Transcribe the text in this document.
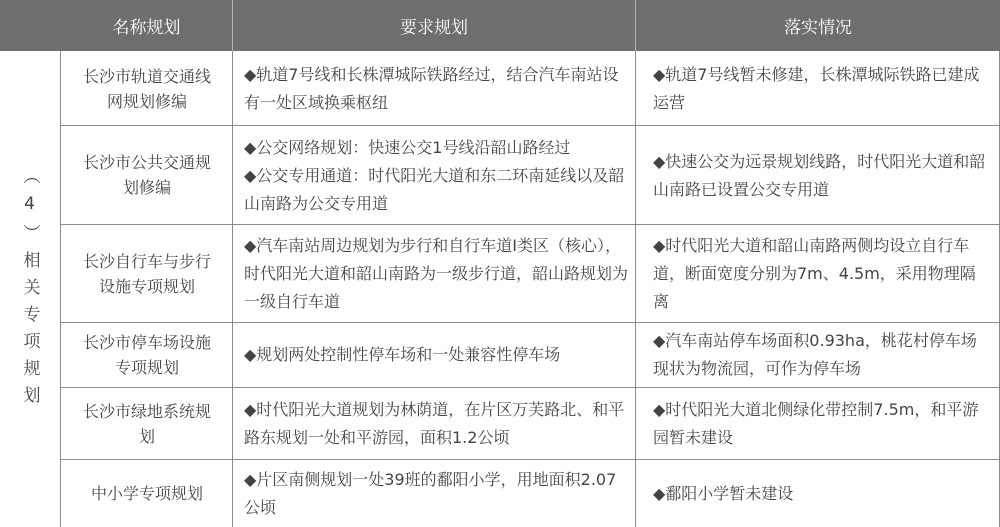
名称规划	要求规划	落实情况
（4）相关专项规划
长沙市轨道交通线网规划修编
◆轨道7号线和长株潭城际铁路经过，结合汽车南站设有一处区域换乘枢纽
◆轨道7号线暂未修建，长株潭城际铁路已建成运营
长沙市公共交通规划修编
◆公交网络规划：快速公交1号线沿韶山路经过
◆公交专用通道：时代阳光大道和东二环南延线以及韶山南路为公交专用道
◆快速公交为远景规划线路，时代阳光大道和韶山南路已设置公交专用道
长沙自行车与步行设施专项规划
◆汽车南站周边规划为步行和自行车道Ⅰ类区（核心），时代阳光大道和韶山南路为一级步行道，韶山路规划为一级自行车道
◆时代阳光大道和韶山南路两侧均设立自行车道，断面宽度分别为7m、4.5m，采用物理隔离
长沙市停车场设施专项规划
◆规划两处控制性停车场和一处兼容性停车场
◆汽车南站停车场面积0.93ha，桃花村停车场现状为物流园，可作为停车场
长沙市绿地系统规划
◆时代阳光大道规划为林荫道，在片区万芙路北、和平路东规划一处和平游园，面积1.2公顷
◆时代阳光大道北侧绿化带控制7.5m，和平游园暂未建设
中小学专项规划
◆片区南侧规划一处39班的鄱阳小学，用地面积2.07公顷
◆鄱阳小学暂未建设
